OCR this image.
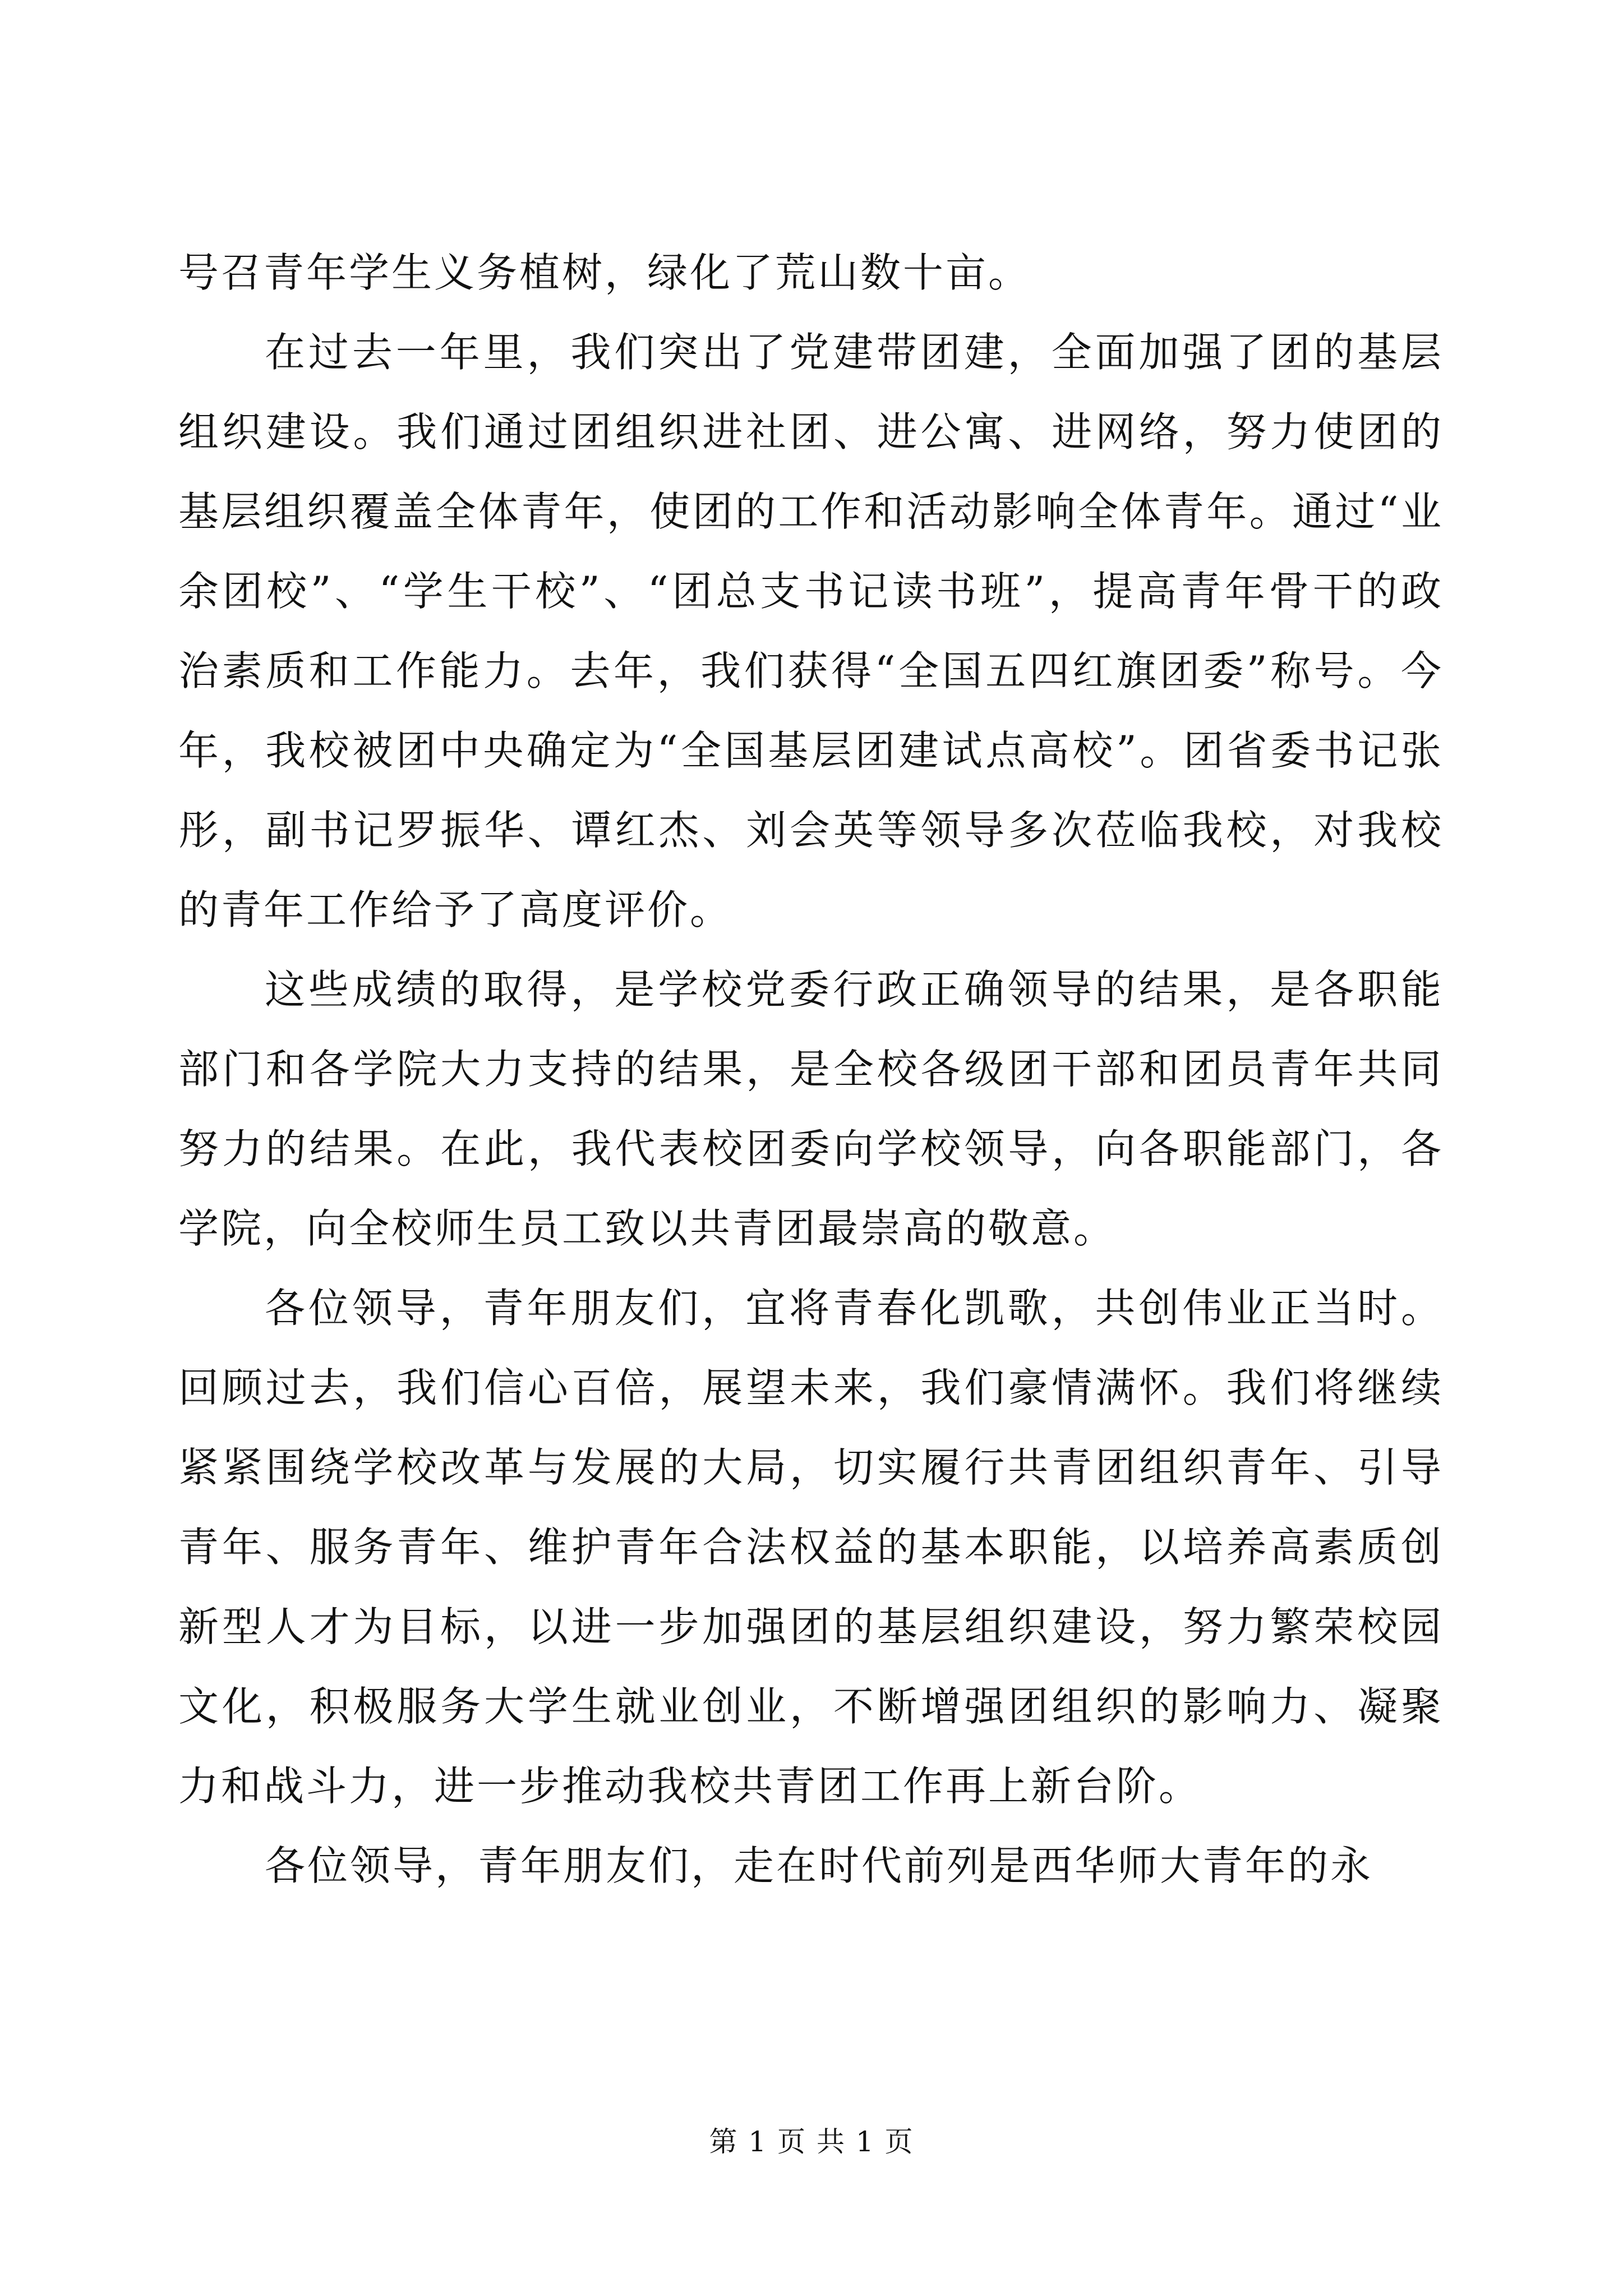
号召青年学生义务植树，绿化了荒山数十亩。

在过去一年里，我们突出了党建带团建，全面加强了团的基层组织建设。我们通过团组织进社团、进公寓、进网络，努力使团的基层组织覆盖全体青年，使团的工作和活动影响全体青年。通过“业余团校”、“学生干校”、“团总支书记读书班”，提高青年骨干的政治素质和工作能力。去年，我们获得“全国五四红旗团委”称号。今年，我校被团中央确定为“全国基层团建试点高校”。团省委书记张彤，副书记罗振华、谭红杰、刘会英等领导多次莅临我校，对我校的青年工作给予了高度评价。

这些成绩的取得，是学校党委行政正确领导的结果，是各职能部门和各学院大力支持的结果，是全校各级团干部和团员青年共同努力的结果。在此，我代表校团委向学校领导，向各职能部门，各学院，向全校师生员工致以共青团最崇高的敬意。

各位领导，青年朋友们，宜将青春化凯歌，共创伟业正当时。回顾过去，我们信心百倍，展望未来，我们豪情满怀。我们将继续紧紧围绕学校改革与发展的大局，切实履行共青团组织青年、引导青年、服务青年、维护青年合法权益的基本职能，以培养高素质创新型人才为目标，以进一步加强团的基层组织建设，努力繁荣校园文化，积极服务大学生就业创业，不断增强团组织的影响力、凝聚力和战斗力，进一步推动我校共青团工作再上新台阶。

各位领导，青年朋友们，走在时代前列是西华师大青年的永

第 1 页 共 1 页
